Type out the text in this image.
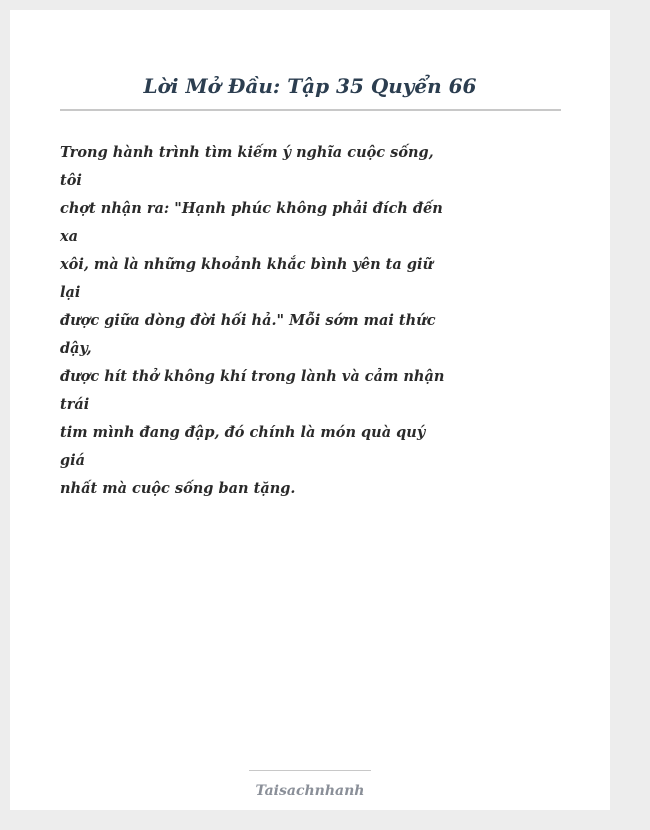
Lời Mở Đầu: Tập 35 Quyển 66
Trong hành trình tìm kiếm ý nghĩa cuộc sống,
tôi
chợt nhận ra: "Hạnh phúc không phải đích đến
xa
xôi, mà là những khoảnh khắc bình yên ta giữ
lại
được giữa dòng đời hối hả." Mỗi sớm mai thức
dậy,
được hít thở không khí trong lành và cảm nhận
trái
tim mình đang đập, đó chính là món quà quý
giá
nhất mà cuộc sống ban tặng.
Taisachnhanh
